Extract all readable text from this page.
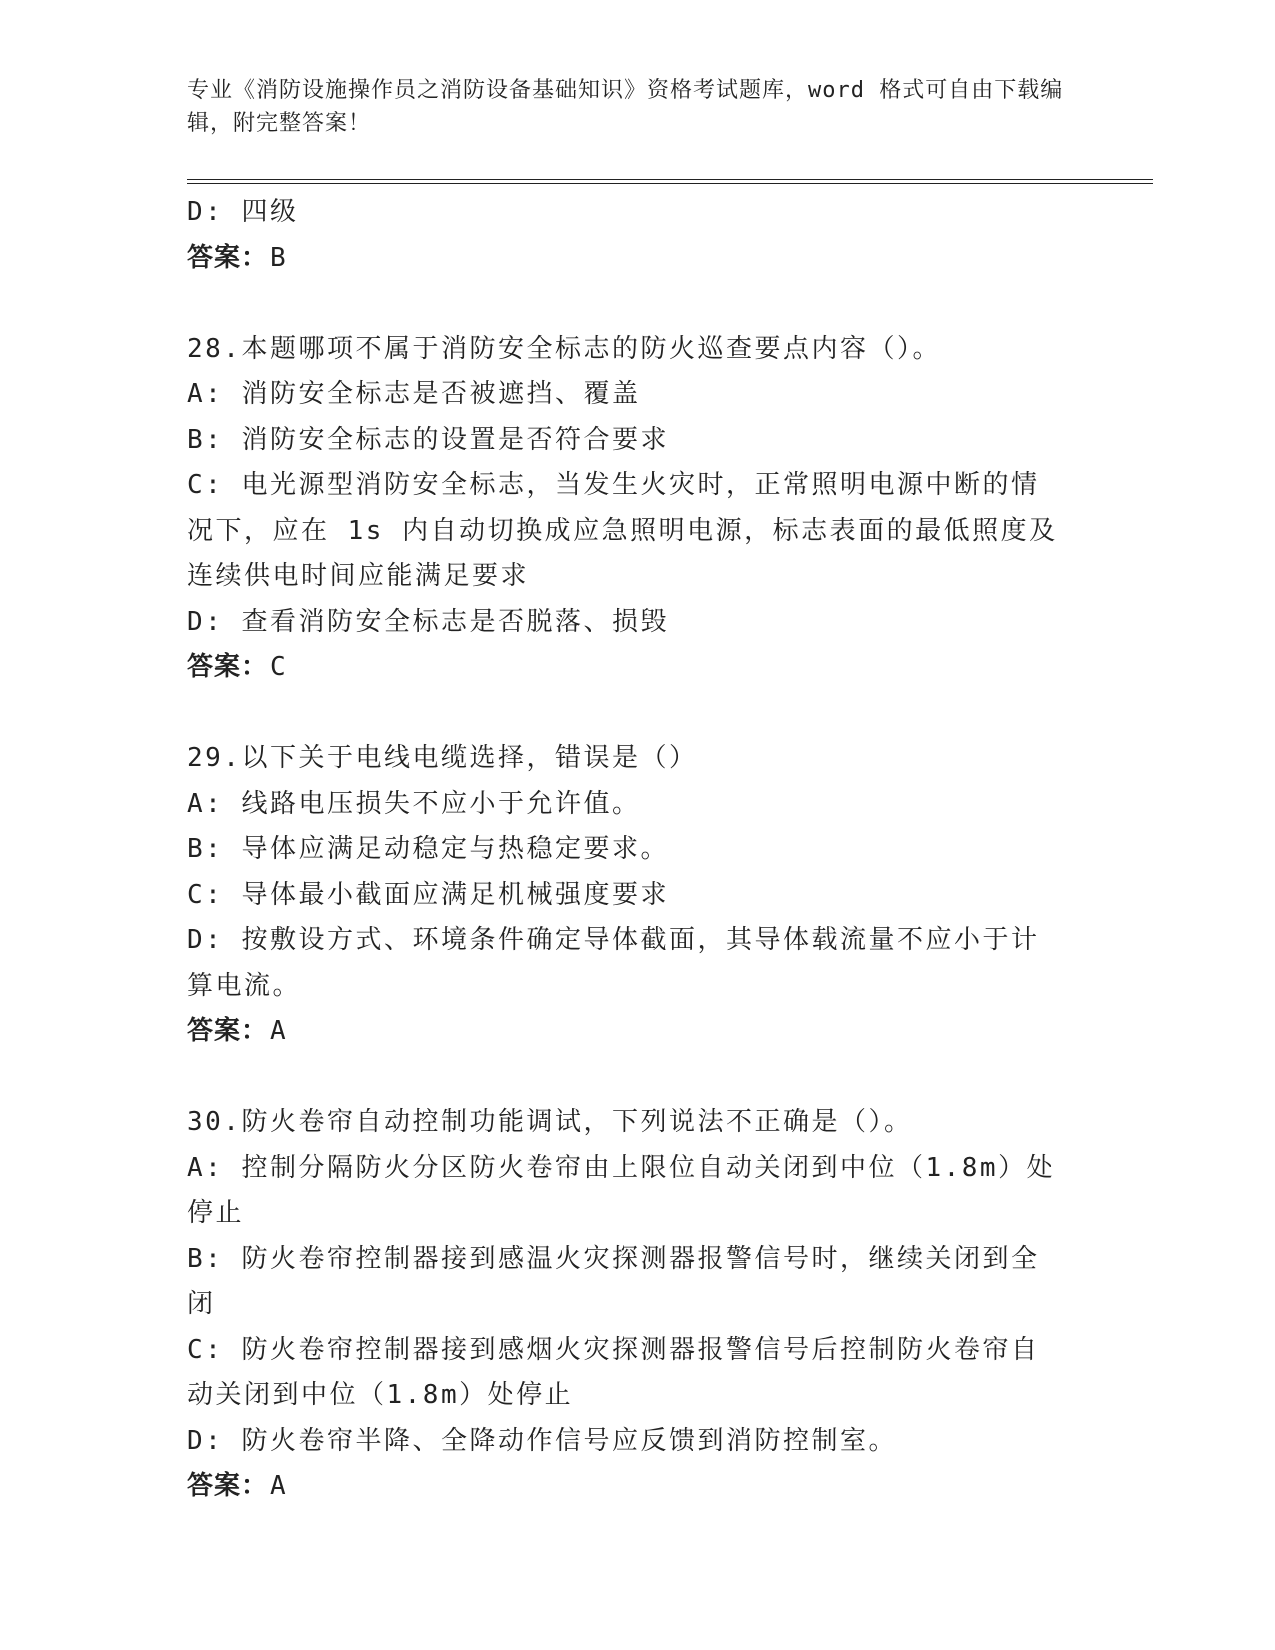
专业《消防设施操作员之消防设备基础知识》资格考试题库，word 格式可自由下载编辑，附完整答案！
D: 四级
答案：B
28.本题哪项不属于消防安全标志的防火巡查要点内容（）。
A: 消防安全标志是否被遮挡、覆盖
B: 消防安全标志的设置是否符合要求
C: 电光源型消防安全标志，当发生火灾时，正常照明电源中断的情况下，应在 1s 内自动切换成应急照明电源，标志表面的最低照度及连续供电时间应能满足要求
D: 查看消防安全标志是否脱落、损毁
答案：C
29.以下关于电线电缆选择，错误是（）
A: 线路电压损失不应小于允许值。
B: 导体应满足动稳定与热稳定要求。
C: 导体最小截面应满足机械强度要求
D: 按敷设方式、环境条件确定导体截面，其导体载流量不应小于计算电流。
答案：A
30.防火卷帘自动控制功能调试，下列说法不正确是（）。
A: 控制分隔防火分区防火卷帘由上限位自动关闭到中位（1.8m）处停止
B: 防火卷帘控制器接到感温火灾探测器报警信号时，继续关闭到全闭
C: 防火卷帘控制器接到感烟火灾探测器报警信号后控制防火卷帘自动关闭到中位（1.8m）处停止
D: 防火卷帘半降、全降动作信号应反馈到消防控制室。
答案：A
